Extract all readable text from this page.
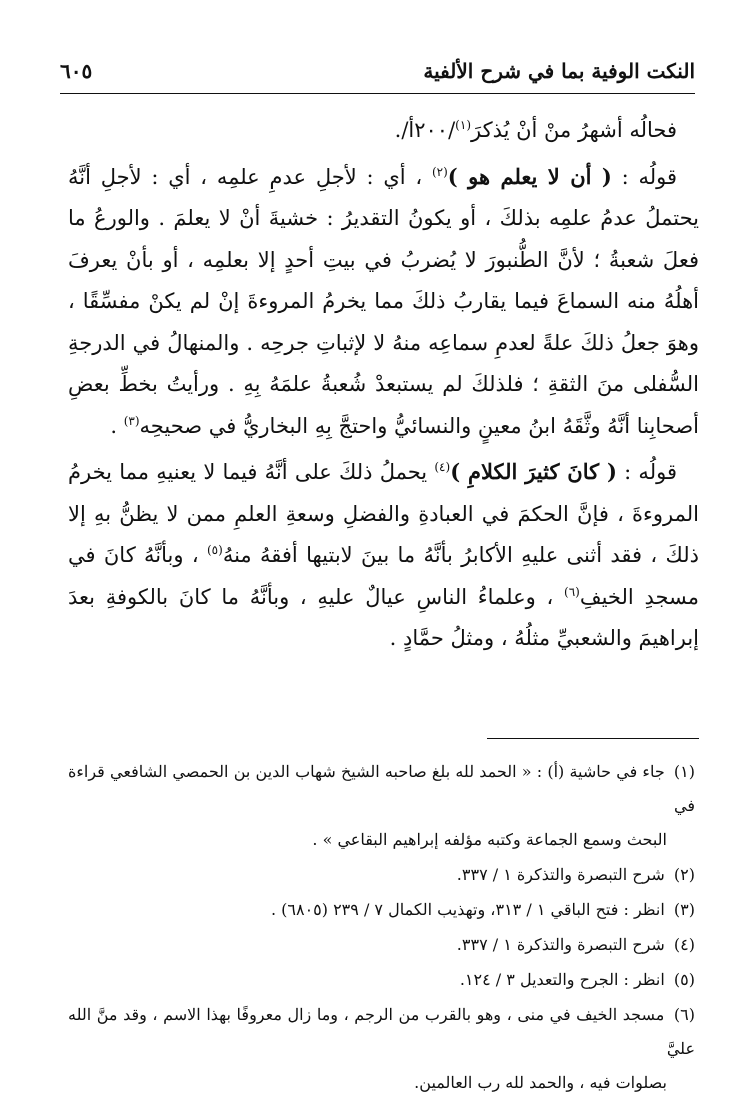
النكت الوفية بما في شرح الألفية
٦٠٥

فحالُه أشهرُ منْ أنْ يُذكرَ$^{(١)}$/٢٠٠أ/.

قولُه : ( أن لا يعلم هو )$^{(٢)}$ ، أي : لأجلِ عدمِ علمِه ، أي : لأجلِ أنَّهُ يحتملُ عدمُ علمِه بذلكَ ، أو يكونُ التقديرُ : خشيةَ أنْ لا يعلمَ . والورعُ ما فعلَ شعبةُ ؛ لأنَّ الطُّنبورَ لا يُضربُ في بيتِ أحدٍ إلا بعلمِه ، أو بأنْ يعرفَ أهلُهُ منه السماعَ فيما يقاربُ ذلكَ مما يخرمُ المروءةَ إنْ لم يكنْ مفسِّقًا ، وهوَ جعلُ ذلكَ علةً لعدمِ سماعِه منهُ لا لإثباتِ جرحِه . والمنهالُ في الدرجةِ السُّفلى منَ الثقةِ ؛ فلذلكَ لم يستبعدْ شُعبةُ علمَهُ بِهِ . ورأيتُ بخطِّ بعضِ أصحابِنا أنَّهُ وثَّقَهُ ابنُ معينٍ والنسائيُّ واحتجَّ بِهِ البخاريُّ في صحيحِه$^{(٣)}$ .

قولُه : ( كانَ كثيرَ الكلامِ )$^{(٤)}$ يحملُ ذلكَ على أنَّهُ فيما لا يعنيهِ مما يخرمُ المروءةَ ، فإنَّ الحكمَ في العبادةِ والفضلِ وسعةِ العلمِ ممن لا يظنُّ بهِ إلا ذلكَ ، فقد أثنى عليهِ الأكابرُ بأنَّهُ ما بينَ لابتيها أفقهُ منهُ$^{(٥)}$ ، وبأنَّهُ كانَ في مسجدِ الخيفِ$^{(٦)}$ ، وعلماءُ الناسِ عيالٌ عليهِ ، وبأنَّهُ ما كانَ بالكوفةِ بعدَ إبراهيمَ والشعبيِّ مثلُهُ ، ومثلُ حمَّادٍ .

(١) جاء في حاشية (أ) : « الحمد لله بلغ صاحبه الشيخ شهاب الدين بن الحمصي الشافعي قراءة في
البحث وسمع الجماعة وكتبه مؤلفه إبراهيم البقاعي » .
(٢) شرح التبصرة والتذكرة ١ / ٣٣٧.
(٣) انظر : فتح الباقي ١ / ٣١٣، وتهذيب الكمال ٧ / ٢٣٩ (٦٨٠٥) .
(٤) شرح التبصرة والتذكرة ١ / ٣٣٧.
(٥) انظر : الجرح والتعديل ٣ / ١٢٤.
(٦) مسجد الخيف في منى ، وهو بالقرب من الرجم ، وما زال معروفًا بهذا الاسم ، وقد منَّ الله عليَّ
بصلوات فيه ، والحمد لله رب العالمين.
